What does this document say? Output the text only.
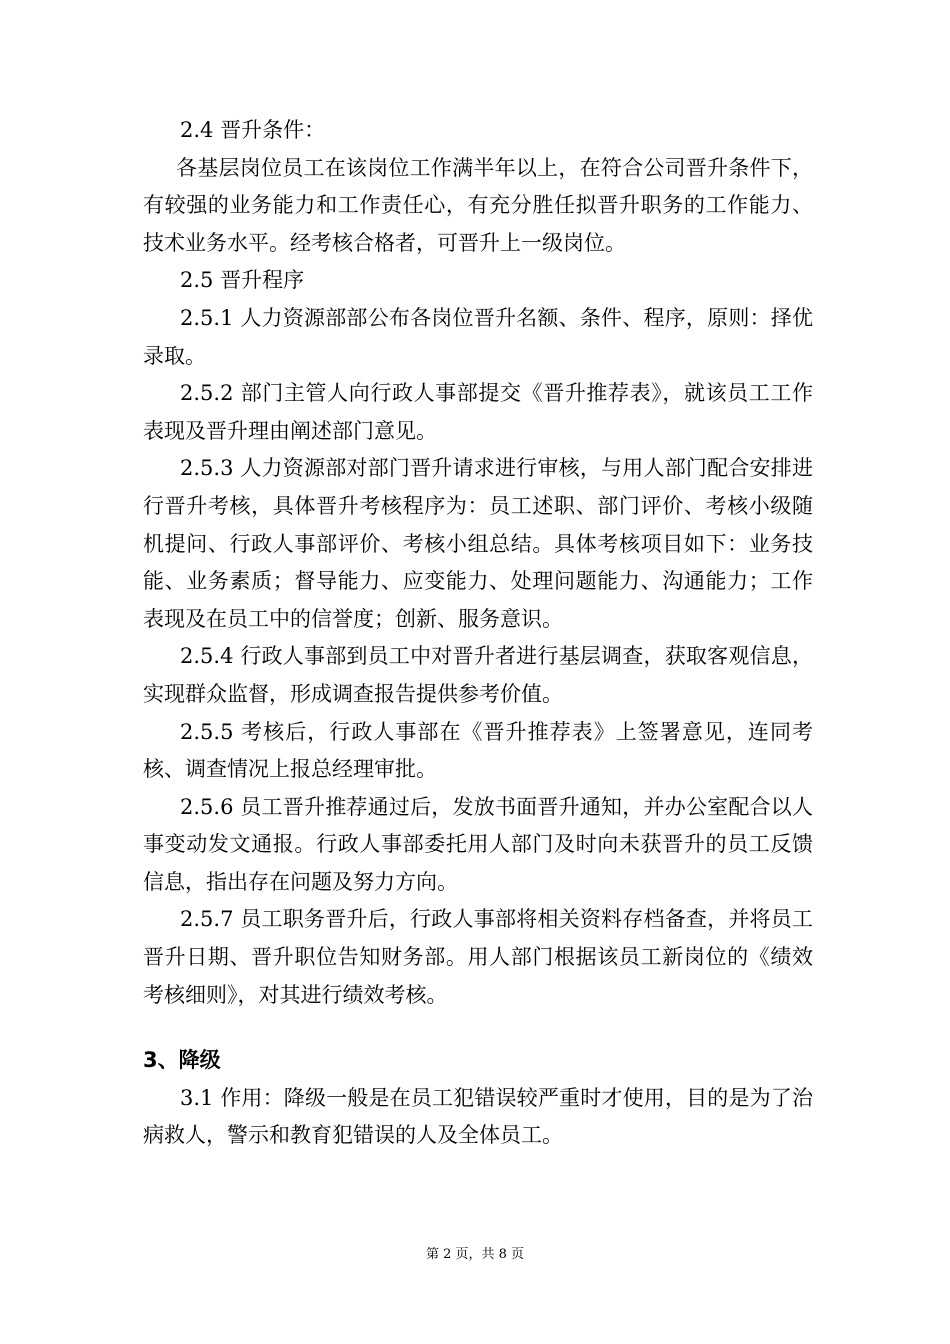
2.4 晋升条件：

各基层岗位员工在该岗位工作满半年以上，在符合公司晋升条件下，有较强的业务能力和工作责任心，有充分胜任拟晋升职务的工作能力、技术业务水平。经考核合格者，可晋升上一级岗位。

2.5 晋升程序

2.5.1 人力资源部部公布各岗位晋升名额、条件、程序，原则：择优录取。

2.5.2 部门主管人向行政人事部提交《晋升推荐表》，就该员工工作表现及晋升理由阐述部门意见。

2.5.3 人力资源部对部门晋升请求进行审核，与用人部门配合安排进行晋升考核，具体晋升考核程序为：员工述职、部门评价、考核小级随机提问、行政人事部评价、考核小组总结。具体考核项目如下：业务技能、业务素质；督导能力、应变能力、处理问题能力、沟通能力；工作表现及在员工中的信誉度；创新、服务意识。

2.5.4 行政人事部到员工中对晋升者进行基层调查，获取客观信息，实现群众监督，形成调查报告提供参考价值。

2.5.5 考核后，行政人事部在《晋升推荐表》上签署意见，连同考核、调查情况上报总经理审批。

2.5.6 员工晋升推荐通过后，发放书面晋升通知，并办公室配合以人事变动发文通报。行政人事部委托用人部门及时向未获晋升的员工反馈信息，指出存在问题及努力方向。

2.5.7 员工职务晋升后，行政人事部将相关资料存档备查，并将员工晋升日期、晋升职位告知财务部。用人部门根据该员工新岗位的《绩效考核细则》，对其进行绩效考核。

3、降级

3.1 作用：降级一般是在员工犯错误较严重时才使用，目的是为了治病救人，警示和教育犯错误的人及全体员工。

第 2 页，共 8 页
